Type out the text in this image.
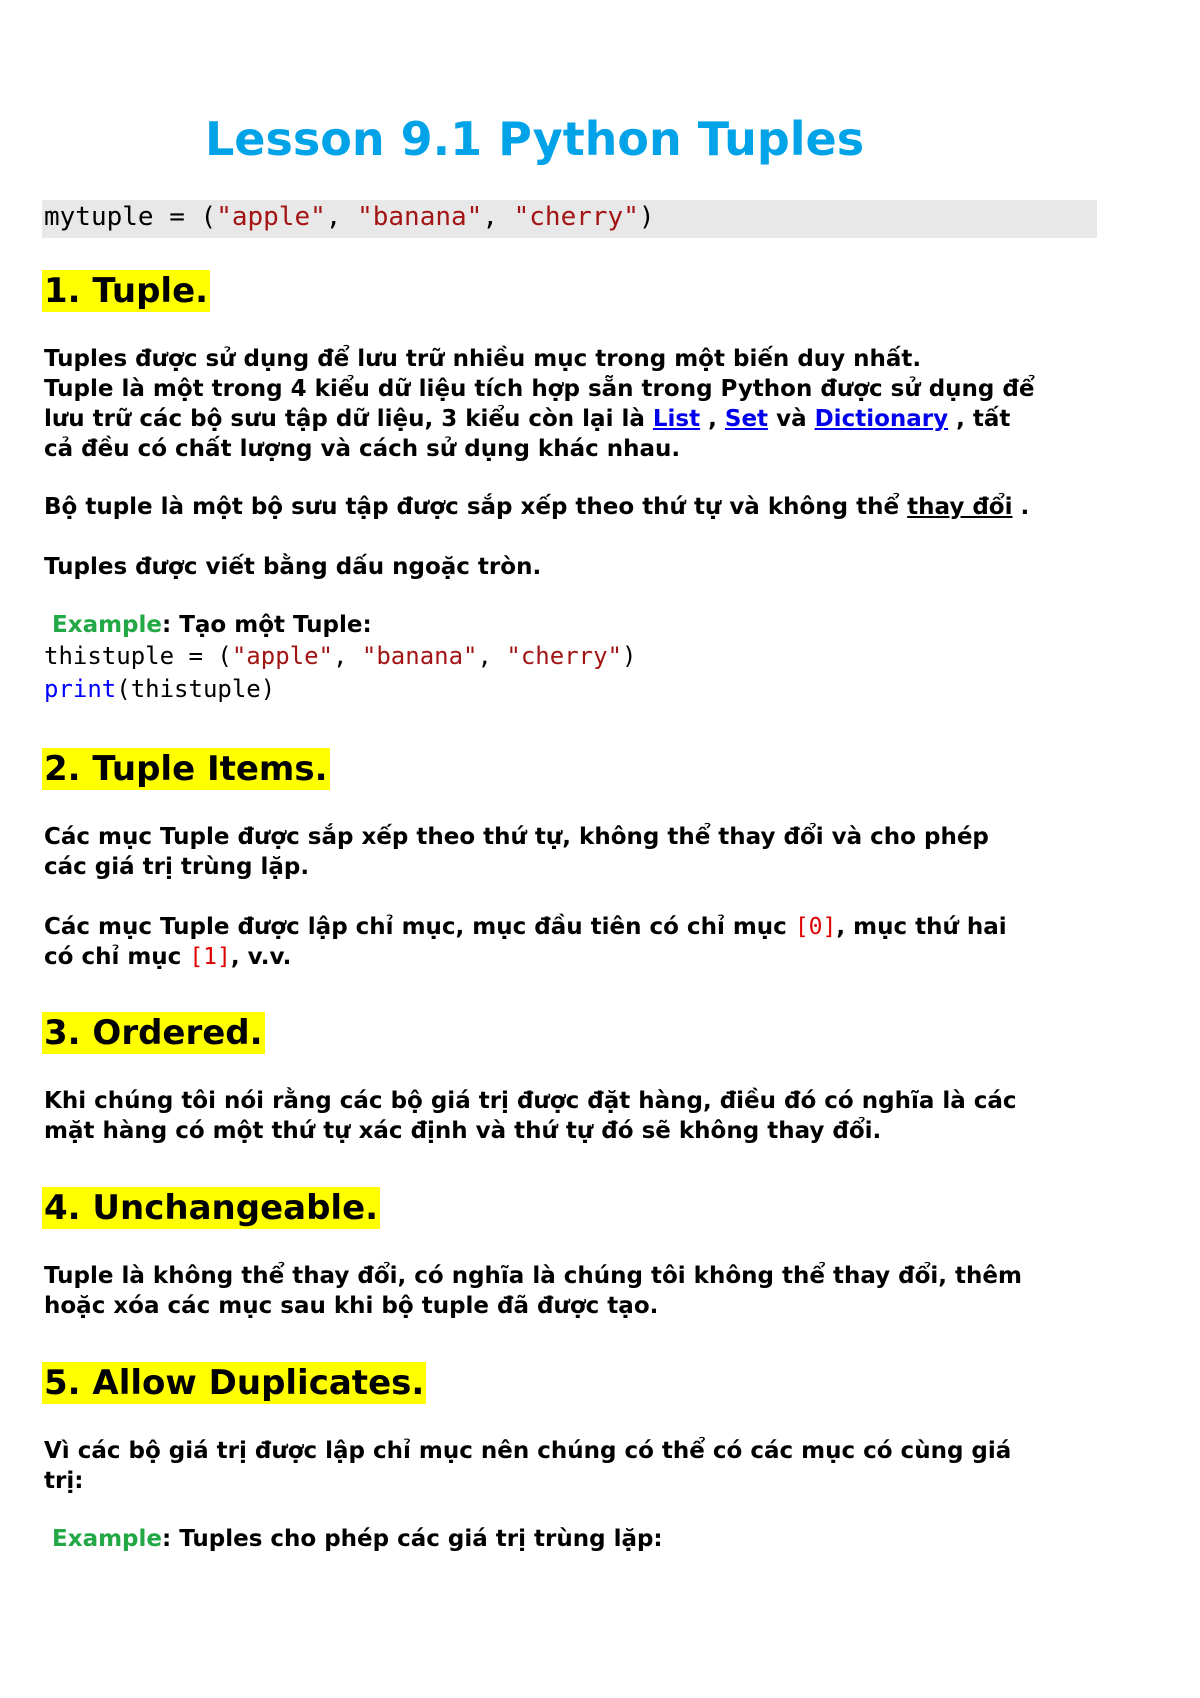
Lesson 9.1 Python Tuples
mytuple = ("apple", "banana", "cherry")
1. Tuple.

Tuples được sử dụng để lưu trữ nhiều mục trong một biến duy nhất.

Tuple là một trong 4 kiểu dữ liệu tích hợp sẵn trong Python được sử dụng để

lưu trữ các bộ sưu tập dữ liệu, 3 kiểu còn lại là List , Set và Dictionary , tất

cả đều có chất lượng và cách sử dụng khác nhau.

Bộ tuple là một bộ sưu tập được sắp xếp theo thứ tự và không thể thay đổi .

Tuples được viết bằng dấu ngoặc tròn.

Example: Tạo một Tuple:

thistuple = ("apple", "banana", "cherry")

print(thistuple)

2. Tuple Items.

Các mục Tuple được sắp xếp theo thứ tự, không thể thay đổi và cho phép

các giá trị trùng lặp.

Các mục Tuple được lập chỉ mục, mục đầu tiên có chỉ mục [0], mục thứ hai

có chỉ mục [1], v.v.

3. Ordered.

Khi chúng tôi nói rằng các bộ giá trị được đặt hàng, điều đó có nghĩa là các

mặt hàng có một thứ tự xác định và thứ tự đó sẽ không thay đổi.

4. Unchangeable.

Tuple là không thể thay đổi, có nghĩa là chúng tôi không thể thay đổi, thêm

hoặc xóa các mục sau khi bộ tuple đã được tạo.

5. Allow Duplicates.

Vì các bộ giá trị được lập chỉ mục nên chúng có thể có các mục có cùng giá

trị:

Example: Tuples cho phép các giá trị trùng lặp:
